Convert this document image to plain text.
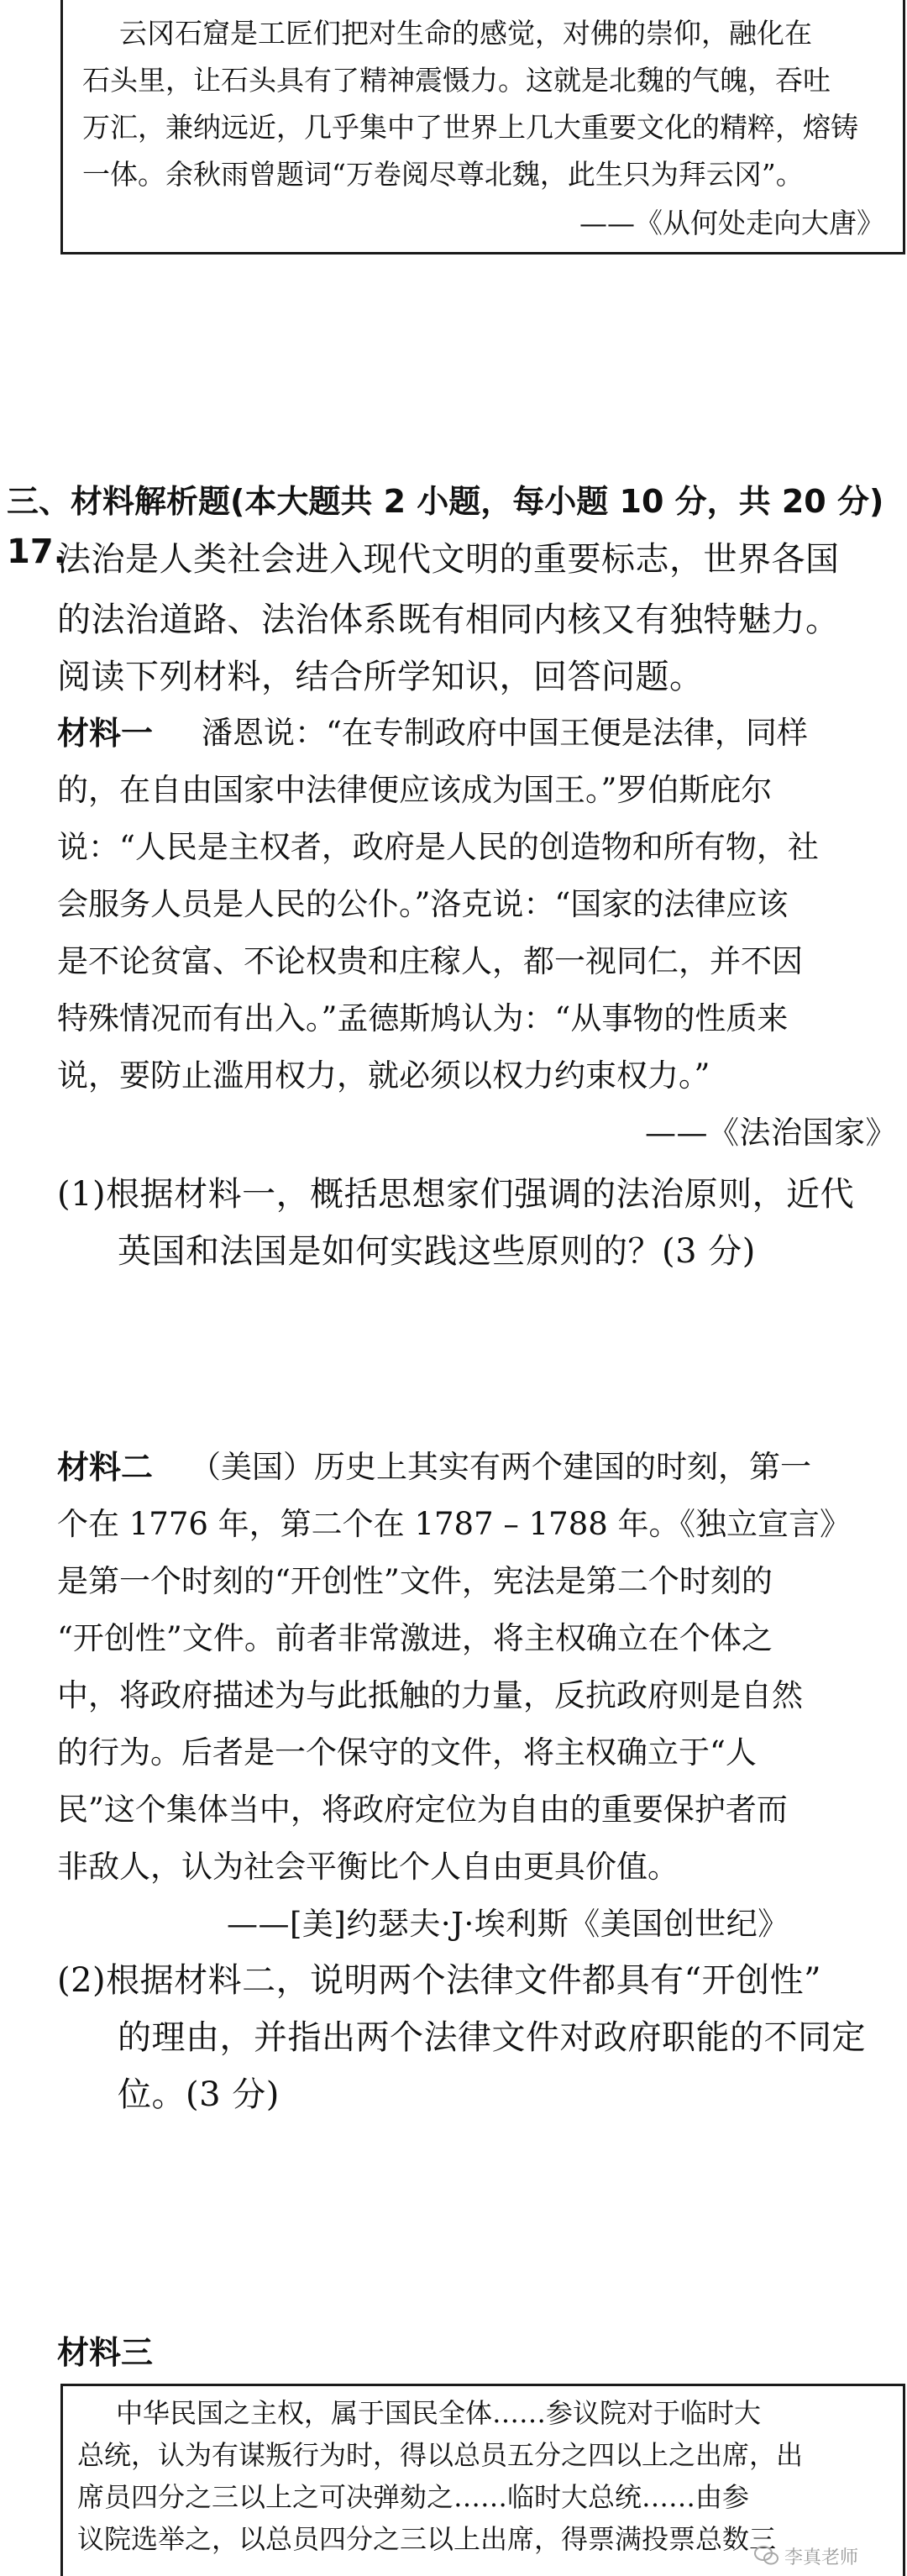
云冈石窟是工匠们把对生命的感觉，对佛的崇仰，融化在
石头里，让石头具有了精神震慑力。这就是北魏的气魄，吞吐
万汇，兼纳远近，几乎集中了世界上几大重要文化的精粹，熔铸
一体。余秋雨曾题词“万卷阅尽尊北魏，此生只为拜云冈”。
——《从何处走向大唐》
三、材料解析题(本大题共 2 小题，每小题 10 分，共 20 分)
17.
法治是人类社会进入现代文明的重要标志，世界各国
的法治道路、法治体系既有相同内核又有独特魅力。
阅读下列材料，结合所学知识，回答问题。
材料一 潘恩说：“在专制政府中国王便是法律，同样
的，在自由国家中法律便应该成为国王。”罗伯斯庇尔
说：“人民是主权者，政府是人民的创造物和所有物，社
会服务人员是人民的公仆。”洛克说：“国家的法律应该
是不论贫富、不论权贵和庄稼人，都一视同仁，并不因
特殊情况而有出入。”孟德斯鸠认为：“从事物的性质来
说，要防止滥用权力，就必须以权力约束权力。”
——《法治国家》
(1)根据材料一，概括思想家们强调的法治原则，近代
英国和法国是如何实践这些原则的？(3 分)
材料二 （美国）历史上其实有两个建国的时刻，第一
个在 1776 年，第二个在 1787 – 1788 年。《独立宣言》
是第一个时刻的“开创性”文件，宪法是第二个时刻的
“开创性”文件。前者非常激进，将主权确立在个体之
中，将政府描述为与此抵触的力量，反抗政府则是自然
的行为。后者是一个保守的文件，将主权确立于“人
民”这个集体当中，将政府定位为自由的重要保护者而
非敌人，认为社会平衡比个人自由更具价值。
——[美]约瑟夫·J·埃利斯《美国创世纪》
(2)根据材料二，说明两个法律文件都具有“开创性”
的理由，并指出两个法律文件对政府职能的不同定
位。(3 分)
材料三
中华民国之主权，属于国民全体……参议院对于临时大
总统，认为有谋叛行为时，得以总员五分之四以上之出席，出
席员四分之三以上之可决弹劾之……临时大总统……由参
议院选举之，以总员四分之三以上出席，得票满投票总数三
李真老师
